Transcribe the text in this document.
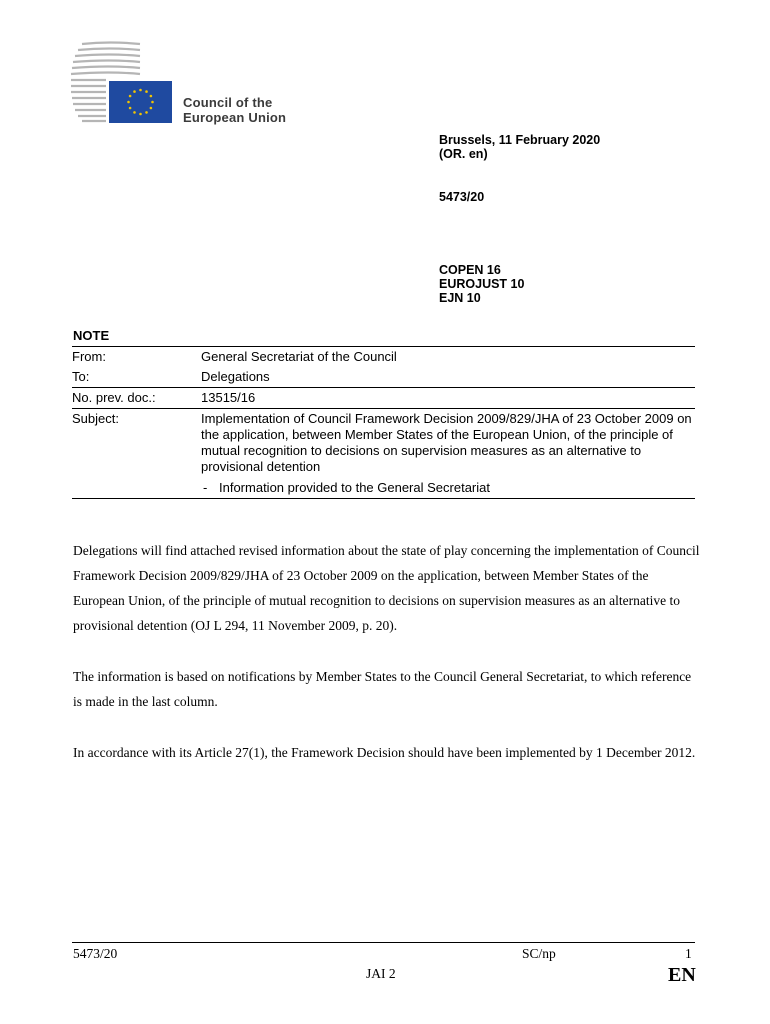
Council of the
European Union
Brussels, 11 February 2020
(OR. en)
5473/20
COPEN 16
EUROJUST 10
EJN 10
NOTE
From:	General Secretariat of the Council
To:	Delegations
No. prev. doc.:	13515/16
Subject:	Implementation of Council Framework Decision 2009/829/JHA of 23 October 2009 on the application, between Member States of the European Union, of the principle of mutual recognition to decisions on supervision measures as an alternative to provisional detention
	- Information provided to the General Secretariat

Delegations will find attached revised information about the state of play concerning the implementation of Council Framework Decision 2009/829/JHA of 23 October 2009 on the application, between Member States of the European Union, of the principle of mutual recognition to decisions on supervision measures as an alternative to provisional detention (OJ L 294, 11 November 2009, p. 20).

The information is based on notifications by Member States to the Council General Secretariat, to which reference is made in the last column.

In accordance with its Article 27(1), the Framework Decision should have been implemented by 1 December 2012.

5473/20	SC/np	1
JAI 2	EN
